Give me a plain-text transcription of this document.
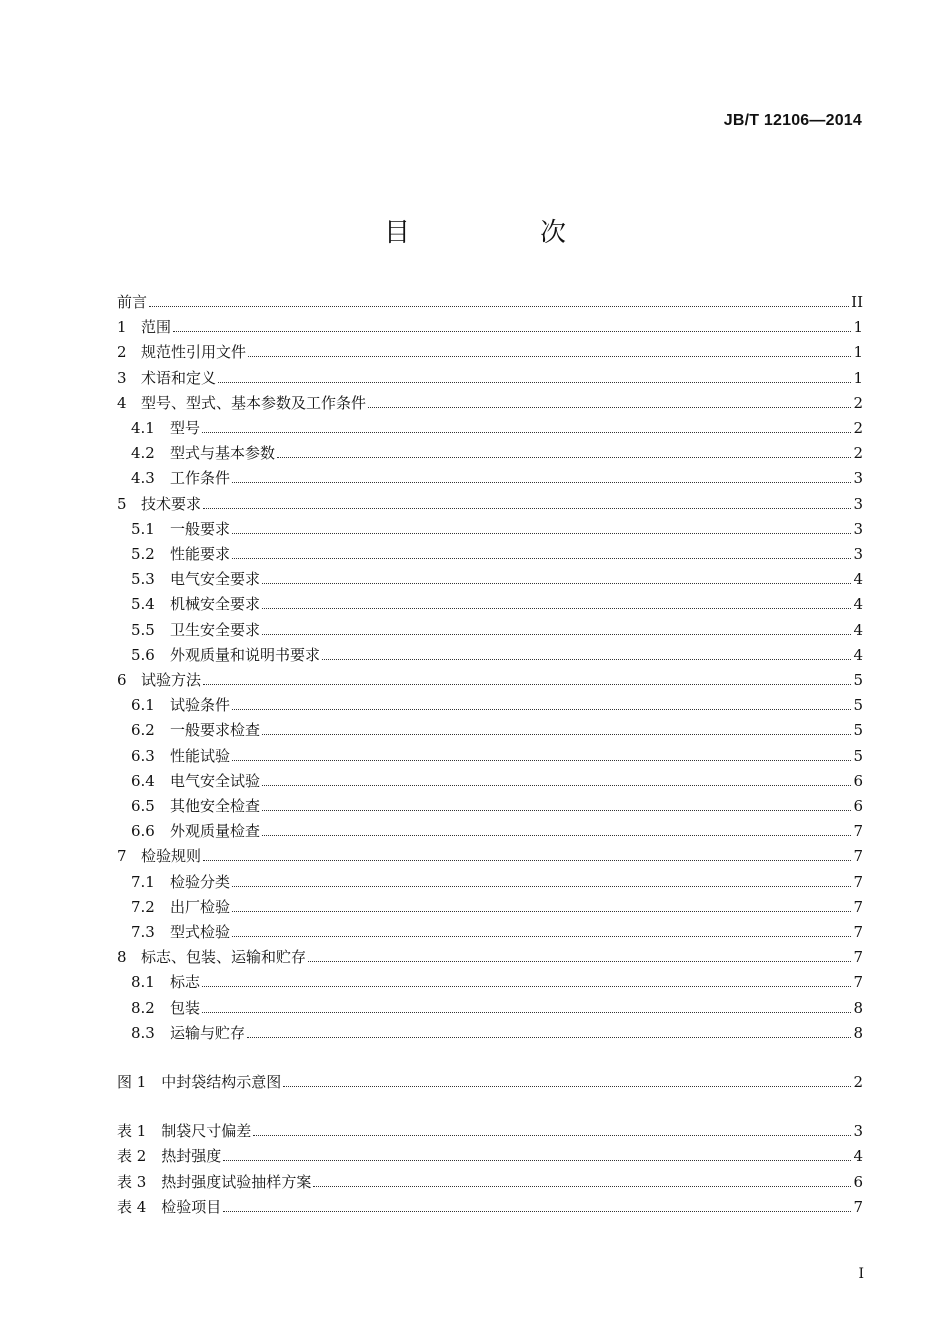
JB/T 12106—2014
目　次
前言	II
1 范围	1
2 规范性引用文件	1
3 术语和定义	1
4 型号、型式、基本参数及工作条件	2
4.1	型号	2
4.2	型式与基本参数	2
4.3	工作条件	3
5 技术要求	3
5.1	一般要求	3
5.2	性能要求	3
5.3	电气安全要求	4
5.4	机械安全要求	4
5.5	卫生安全要求	4
5.6	外观质量和说明书要求	4
6 试验方法	5
6.1	试验条件	5
6.2	一般要求检查	5
6.3	性能试验	5
6.4	电气安全试验	6
6.5	其他安全检查	6
6.6	外观质量检查	7
7 检验规则	7
7.1	检验分类	7
7.2	出厂检验	7
7.3	型式检验	7
8 标志、包装、运输和贮存	7
8.1	标志	7
8.2	包装	8
8.3	运输与贮存	8
图 1　中封袋结构示意图	2
表 1　制袋尺寸偏差	3
表 2　热封强度	4
表 3　热封强度试验抽样方案	6
表 4　检验项目	7
I
